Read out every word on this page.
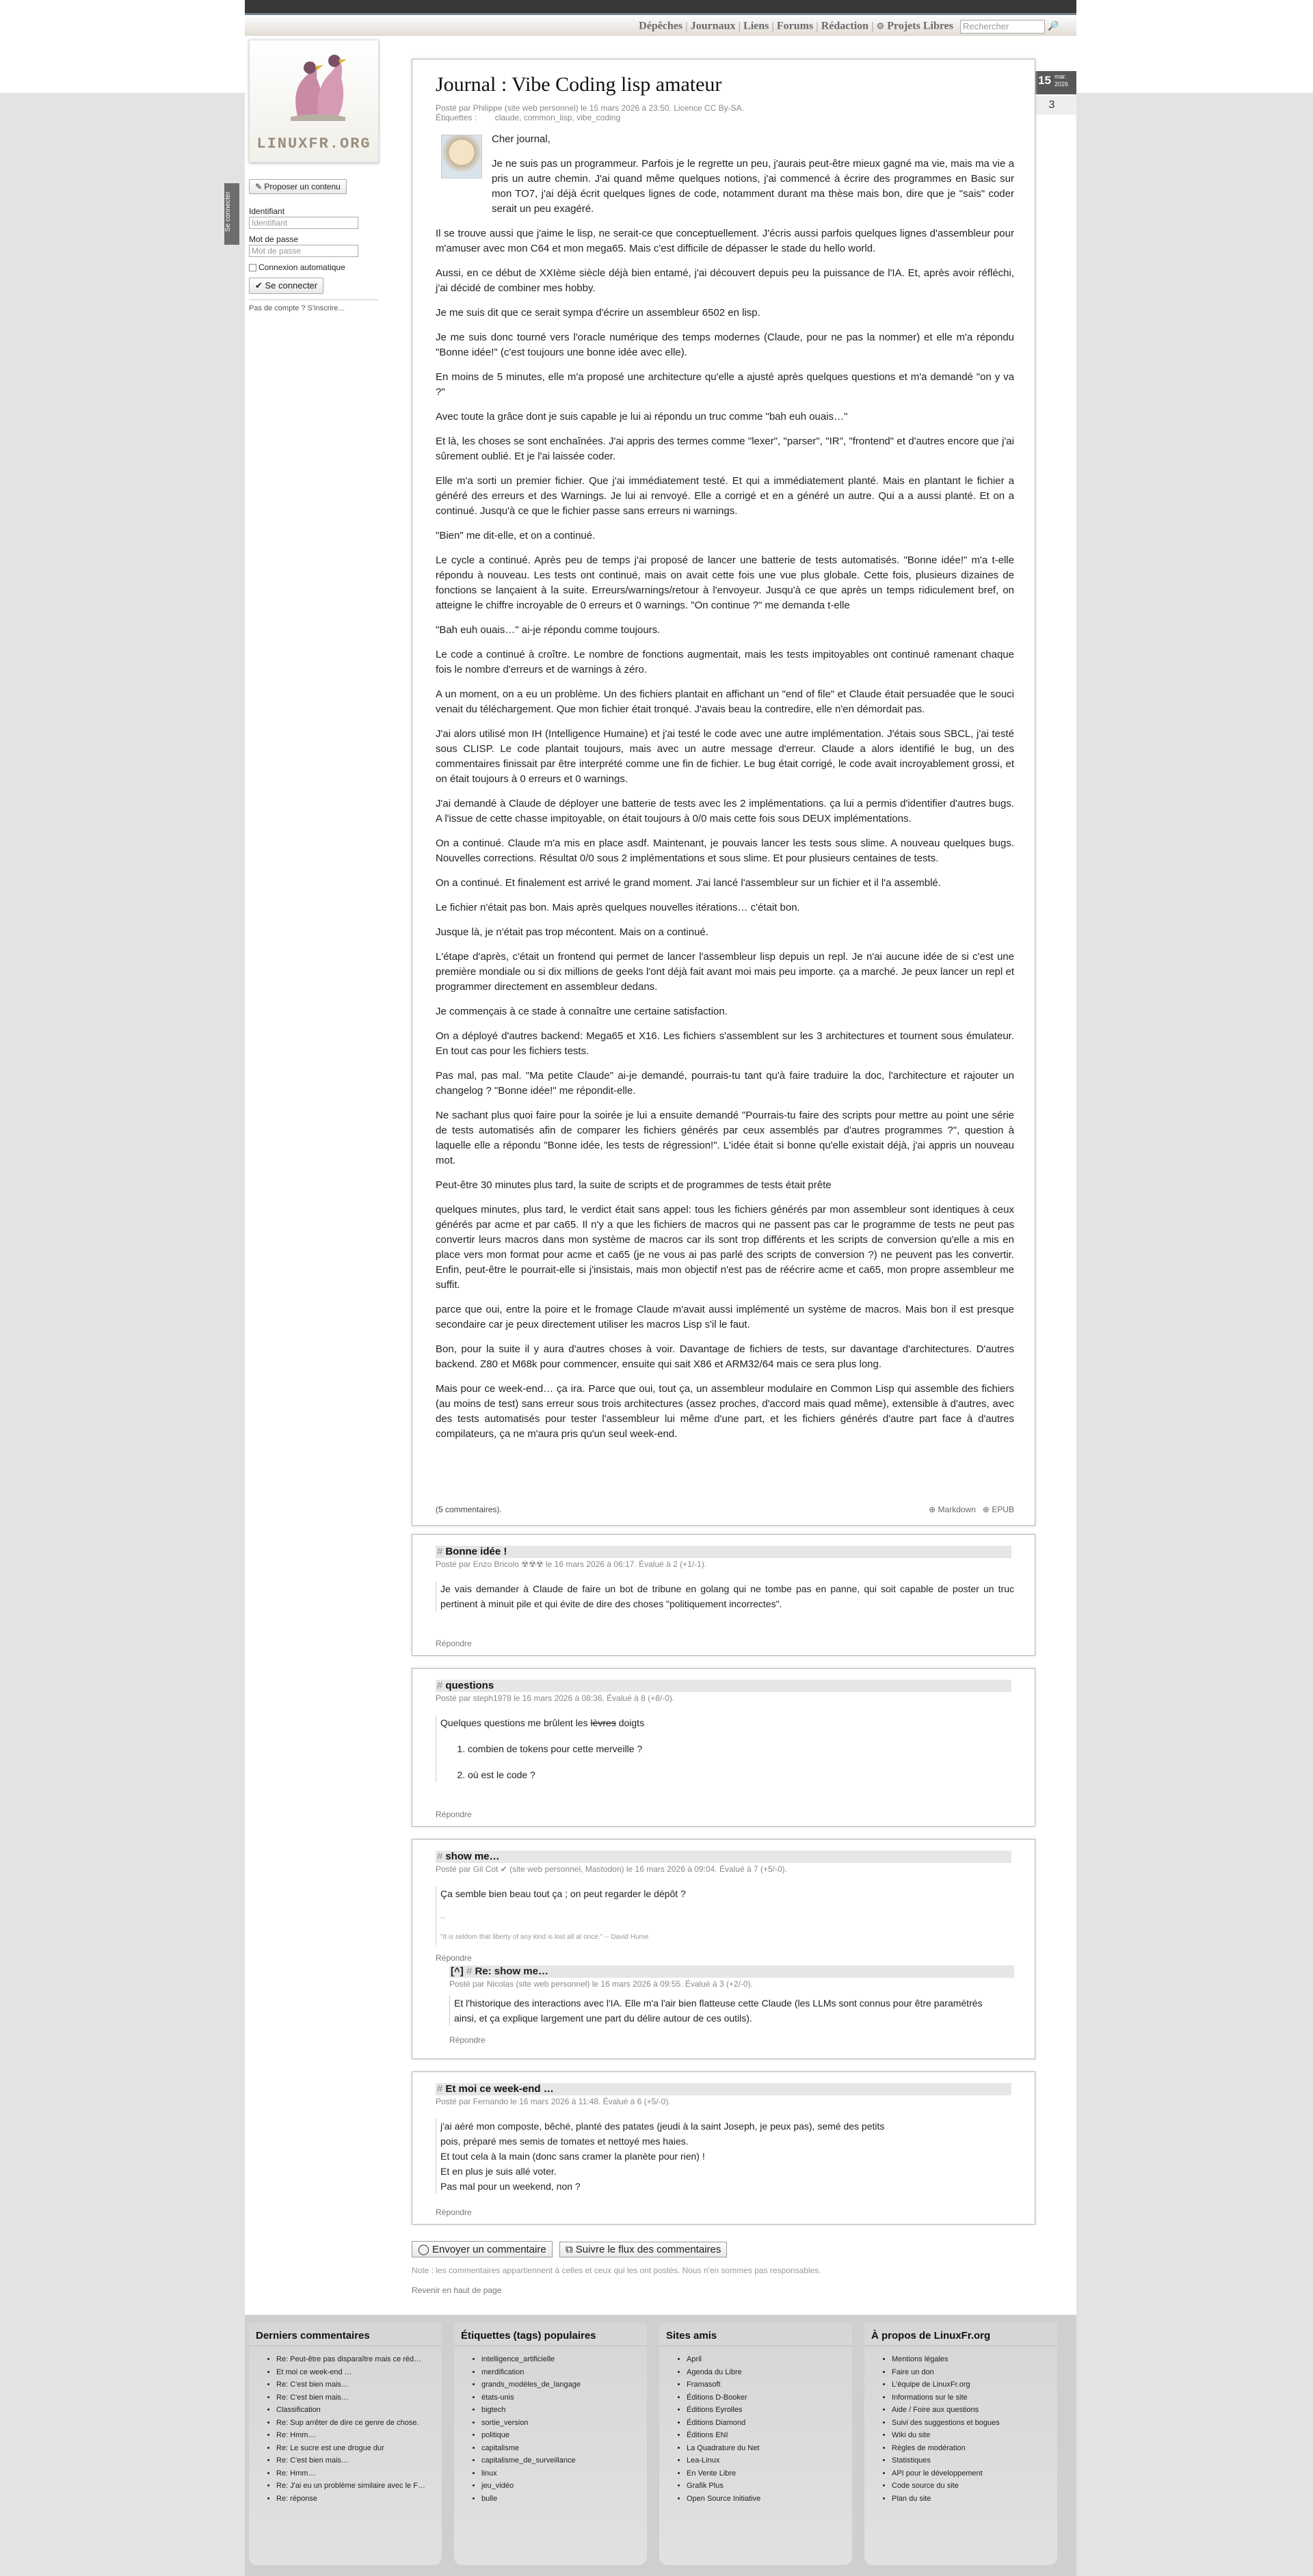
Dépêches | Journaux | Liens | Forums | Rédaction | ⚙ Projets Libres Rechercher	🔎
LINUXFR.ORG
Se connecter
✎ Proposer un contenu
Identifiant
Identifiant
Mot de passe
Mot de passe
Connexion automatique
✔ Se connecter
Pas de compte ? S'inscrire...
15 mar.
2026
3
Journal : Vibe Coding lisp amateur
Posté par Philippe (site web personnel) le 15 mars 2026 à 23:50. Licence CC By‑SA.
Étiquettes :        claude, common_lisp, vibe_coding

Cher journal,

Je ne suis pas un programmeur. Parfois je le regrette un peu, j'aurais peut-être mieux gagné ma vie, mais ma vie a pris un autre chemin. J'ai quand même quelques notions, j'ai commencé à écrire des programmes en Basic sur mon TO7, j'ai déjà écrit quelques lignes de code, notamment durant ma thèse mais bon, dire que je "sais" coder serait un peu exagéré.

Il se trouve aussi que j'aime le lisp, ne serait-ce que conceptuellement. J'écris aussi parfois quelques lignes d'assembleur pour m'amuser avec mon C64 et mon mega65. Mais c'est difficile de dépasser le stade du hello world.

Aussi, en ce début de XXIème siècle déjà bien entamé, j'ai découvert depuis peu la puissance de l'IA. Et, après avoir réfléchi, j'ai décidé de combiner mes hobby.

Je me suis dit que ce serait sympa d'écrire un assembleur 6502 en lisp.

Je me suis donc tourné vers l'oracle numérique des temps modernes (Claude, pour ne pas la nommer) et elle m'a répondu "Bonne idée!" (c'est toujours une bonne idée avec elle).

En moins de 5 minutes, elle m'a proposé une architecture qu'elle a ajusté après quelques questions et m'a demandé "on y va ?"

Avec toute la grâce dont je suis capable je lui ai répondu un truc comme "bah euh ouais…"

Et là, les choses se sont enchaînées. J'ai appris des termes comme "lexer", "parser", "IR", "frontend" et d'autres encore que j'ai sûrement oublié. Et je l'ai laissée coder.

Elle m'a sorti un premier fichier. Que j'ai immédiatement testé. Et qui a immédiatement planté. Mais en plantant le fichier a généré des erreurs et des Warnings. Je lui ai renvoyé. Elle a corrigé et en a généré un autre. Qui a a aussi planté. Et on a continué. Jusqu'à ce que le fichier passe sans erreurs ni warnings.

"Bien" me dit-elle, et on a continué.

Le cycle a continué. Après peu de temps j'ai proposé de lancer une batterie de tests automatisés. "Bonne idée!" m'a t-elle répondu à nouveau. Les tests ont continué, mais on avait cette fois une vue plus globale. Cette fois, plusieurs dizaines de fonctions se lançaient à la suite. Erreurs/warnings/retour à l'envoyeur. Jusqu'à ce que après un temps ridiculement bref, on atteigne le chiffre incroyable de 0 erreurs et 0 warnings. "On continue ?" me demanda t-elle

"Bah euh ouais…" ai-je répondu comme toujours.

Le code a continué à croître. Le nombre de fonctions augmentait, mais les tests impitoyables ont continué ramenant chaque fois le nombre d'erreurs et de warnings à zéro.

A un moment, on a eu un problème. Un des fichiers plantait en affichant un "end of file" et Claude était persuadée que le souci venait du téléchargement. Que mon fichier était tronqué. J'avais beau la contredire, elle n'en démordait pas.

J'ai alors utilisé mon IH (Intelligence Humaine) et j'ai testé le code avec une autre implémentation. J'étais sous SBCL, j'ai testé sous CLISP. Le code plantait toujours, mais avec un autre message d'erreur. Claude a alors identifié le bug, un des commentaires finissait par être interprété comme une fin de fichier. Le bug était corrigé, le code avait incroyablement grossi, et on était toujours à 0 erreurs et 0 warnings.

J'ai demandé à Claude de déployer une batterie de tests avec les 2 implémentations. ça lui a permis d'identifier d'autres bugs. A l'issue de cette chasse impitoyable, on était toujours à 0/0 mais cette fois sous DEUX implémentations.

On a continué. Claude m'a mis en place asdf. Maintenant, je pouvais lancer les tests sous slime. A nouveau quelques bugs. Nouvelles corrections. Résultat 0/0 sous 2 implémentations et sous slime. Et pour plusieurs centaines de tests.

On a continué. Et finalement est arrivé le grand moment. J'ai lancé l'assembleur sur un fichier et il l'a assemblé.

Le fichier n'était pas bon. Mais après quelques nouvelles itérations… c'était bon.

Jusque là, je n'était pas trop mécontent. Mais on a continué.

L'étape d'après, c'était un frontend qui permet de lancer l'assembleur lisp depuis un repl. Je n'ai aucune idée de si c'est une première mondiale ou si dix millions de geeks l'ont déjà fait avant moi mais peu importe. ça a marché. Je peux lancer un repl et programmer directement en assembleur dedans.

Je commençais à ce stade à connaître une certaine satisfaction.

On a déployé d'autres backend: Mega65 et X16. Les fichiers s'assemblent sur les 3 architectures et tournent sous émulateur. En tout cas pour les fichiers tests.

Pas mal, pas mal. "Ma petite Claude" ai-je demandé, pourrais-tu tant qu'à faire traduire la doc, l'architecture et rajouter un changelog ? "Bonne idée!" me répondit-elle.

Ne sachant plus quoi faire pour la soirée je lui a ensuite demandé "Pourrais-tu faire des scripts pour mettre au point une série de tests automatisés afin de comparer les fichiers générés par ceux assemblés par d'autres programmes ?", question à laquelle elle a répondu "Bonne idée, les tests de régression!". L'idée était si bonne qu'elle existait déjà, j'ai appris un nouveau mot.

Peut-être 30 minutes plus tard, la suite de scripts et de programmes de tests était prête

quelques minutes, plus tard, le verdict était sans appel: tous les fichiers générés par mon assembleur sont identiques à ceux générés par acme et par ca65. Il n'y a que les fichiers de macros qui ne passent pas car le programme de tests ne peut pas convertir leurs macros dans mon système de macros car ils sont trop différents et les scripts de conversion qu'elle a mis en place vers mon format pour acme et ca65 (je ne vous ai pas parlé des scripts de conversion ?) ne peuvent pas les convertir. Enfin, peut-être le pourrait-elle si j'insistais, mais mon objectif n'est pas de réécrire acme et ca65, mon propre assembleur me suffit.

parce que oui, entre la poire et le fromage Claude m'avait aussi implémenté un système de macros. Mais bon il est presque secondaire car je peux directement utiliser les macros Lisp s'il le faut.

Bon, pour la suite il y aura d'autres choses à voir. Davantage de fichiers de tests, sur davantage d'architectures. D'autres backend. Z80 et M68k pour commencer, ensuite qui sait X86 et ARM32/64 mais ce sera plus long.

Mais pour ce week-end… ça ira. Parce que oui, tout ça, un assembleur modulaire en Common Lisp qui assemble des fichiers (au moins de test) sans erreur sous trois architectures (assez proches, d'accord mais quad même), extensible à d'autres, avec des tests automatisés pour tester l'assembleur lui même d'une part, et les fichiers générés d'autre part face à d'autres compilateurs, ça ne m'aura pris qu'un seul week-end.

(5 commentaires).	⊕ Markdown ⊕ EPUB
# Bonne idée !
Posté par Enzo Bricolo ☢☢☢ le 16 mars 2026 à 06:17. Évalué à 2 (+1/-1).
Je vais demander à Claude de faire un bot de tribune en golang qui ne tombe pas en panne, qui soit capable de poster un truc pertinent à minuit pile et qui évite de dire des choses "politiquement incorrectes".
Répondre
# questions
Posté par steph1978 le 16 mars 2026 à 08:36. Évalué à 8 (+8/-0).
Quelques questions me brûlent les lèvres doigts
1. combien de tokens pour cette merveille ?
2. où est le code ?
Répondre
# show me…
Posté par Gil Cot ✔ (site web personnel, Mastodon) le 16 mars 2026 à 09:04. Évalué à 7 (+5/-0).
Ça semble bien beau tout ça ; on peut regarder le dépôt ?
--
"It is seldom that liberty of any kind is lost all at once." -- David Hume
Répondre
[^] # Re: show me…
Posté par Nicolas (site web personnel) le 16 mars 2026 à 09:55. Évalué à 3 (+2/-0).
Et l'historique des interactions avec l'IA. Elle m'a l'air bien flatteuse cette Claude (les LLMs sont connus pour être paramétrés ainsi, et ça explique largement une part du délire autour de ces outils).
Répondre
# Et moi ce week-end …
Posté par Fernando le 16 mars 2026 à 11:48. Évalué à 6 (+5/-0).
j'ai aéré mon composte, bêché, planté des patates (jeudi à la saint Joseph, je peux pas), semé des petits
pois, préparé mes semis de tomates et nettoyé mes haies.
Et tout cela à la main (donc sans cramer la planète pour rien) !
Et en plus je suis allé voter.
Pas mal pour un weekend, non ?
Répondre
◯ Envoyer un commentaire ⧉ Suivre le flux des commentaires
Note : les commentaires appartiennent à celles et ceux qui les ont postés. Nous n'en sommes pas responsables.
Revenir en haut de page
Derniers commentaires
• Re: Peut-être pas disparaître mais ce réd…
• Et moi ce week-end …
• Re: C'est bien mais…
• Re: C'est bien mais…
• Classification
• Re: Sup arrêter de dire ce genre de chose.
• Re: Hmm…
• Re: Le sucre est une drogue dur
• Re: C'est bien mais…
• Re: Hmm…
• Re: J'ai eu un problème similaire avec le F…
• Re: réponse
Étiquettes (tags) populaires
• intelligence_artificielle
• merdification
• grands_modèles_de_langage
• états-unis
• bigtech
• sortie_version
• politique
• capitalisme
• capitalisme_de_surveillance
• linux
• jeu_vidéo
• bulle
Sites amis
• April
• Agenda du Libre
• Framasoft
• Éditions D-Booker
• Éditions Eyrolles
• Éditions Diamond
• Éditions ENI
• La Quadrature du Net
• Lea-Linux
• En Vente Libre
• Grafik Plus
• Open Source Initiative
À propos de LinuxFr.org
• Mentions légales
• Faire un don
• L'équipe de LinuxFr.org
• Informations sur le site
• Aide / Foire aux questions
• Suivi des suggestions et bogues
• Wiki du site
• Règles de modération
• Statistiques
• API pour le développement
• Code source du site
• Plan du site
